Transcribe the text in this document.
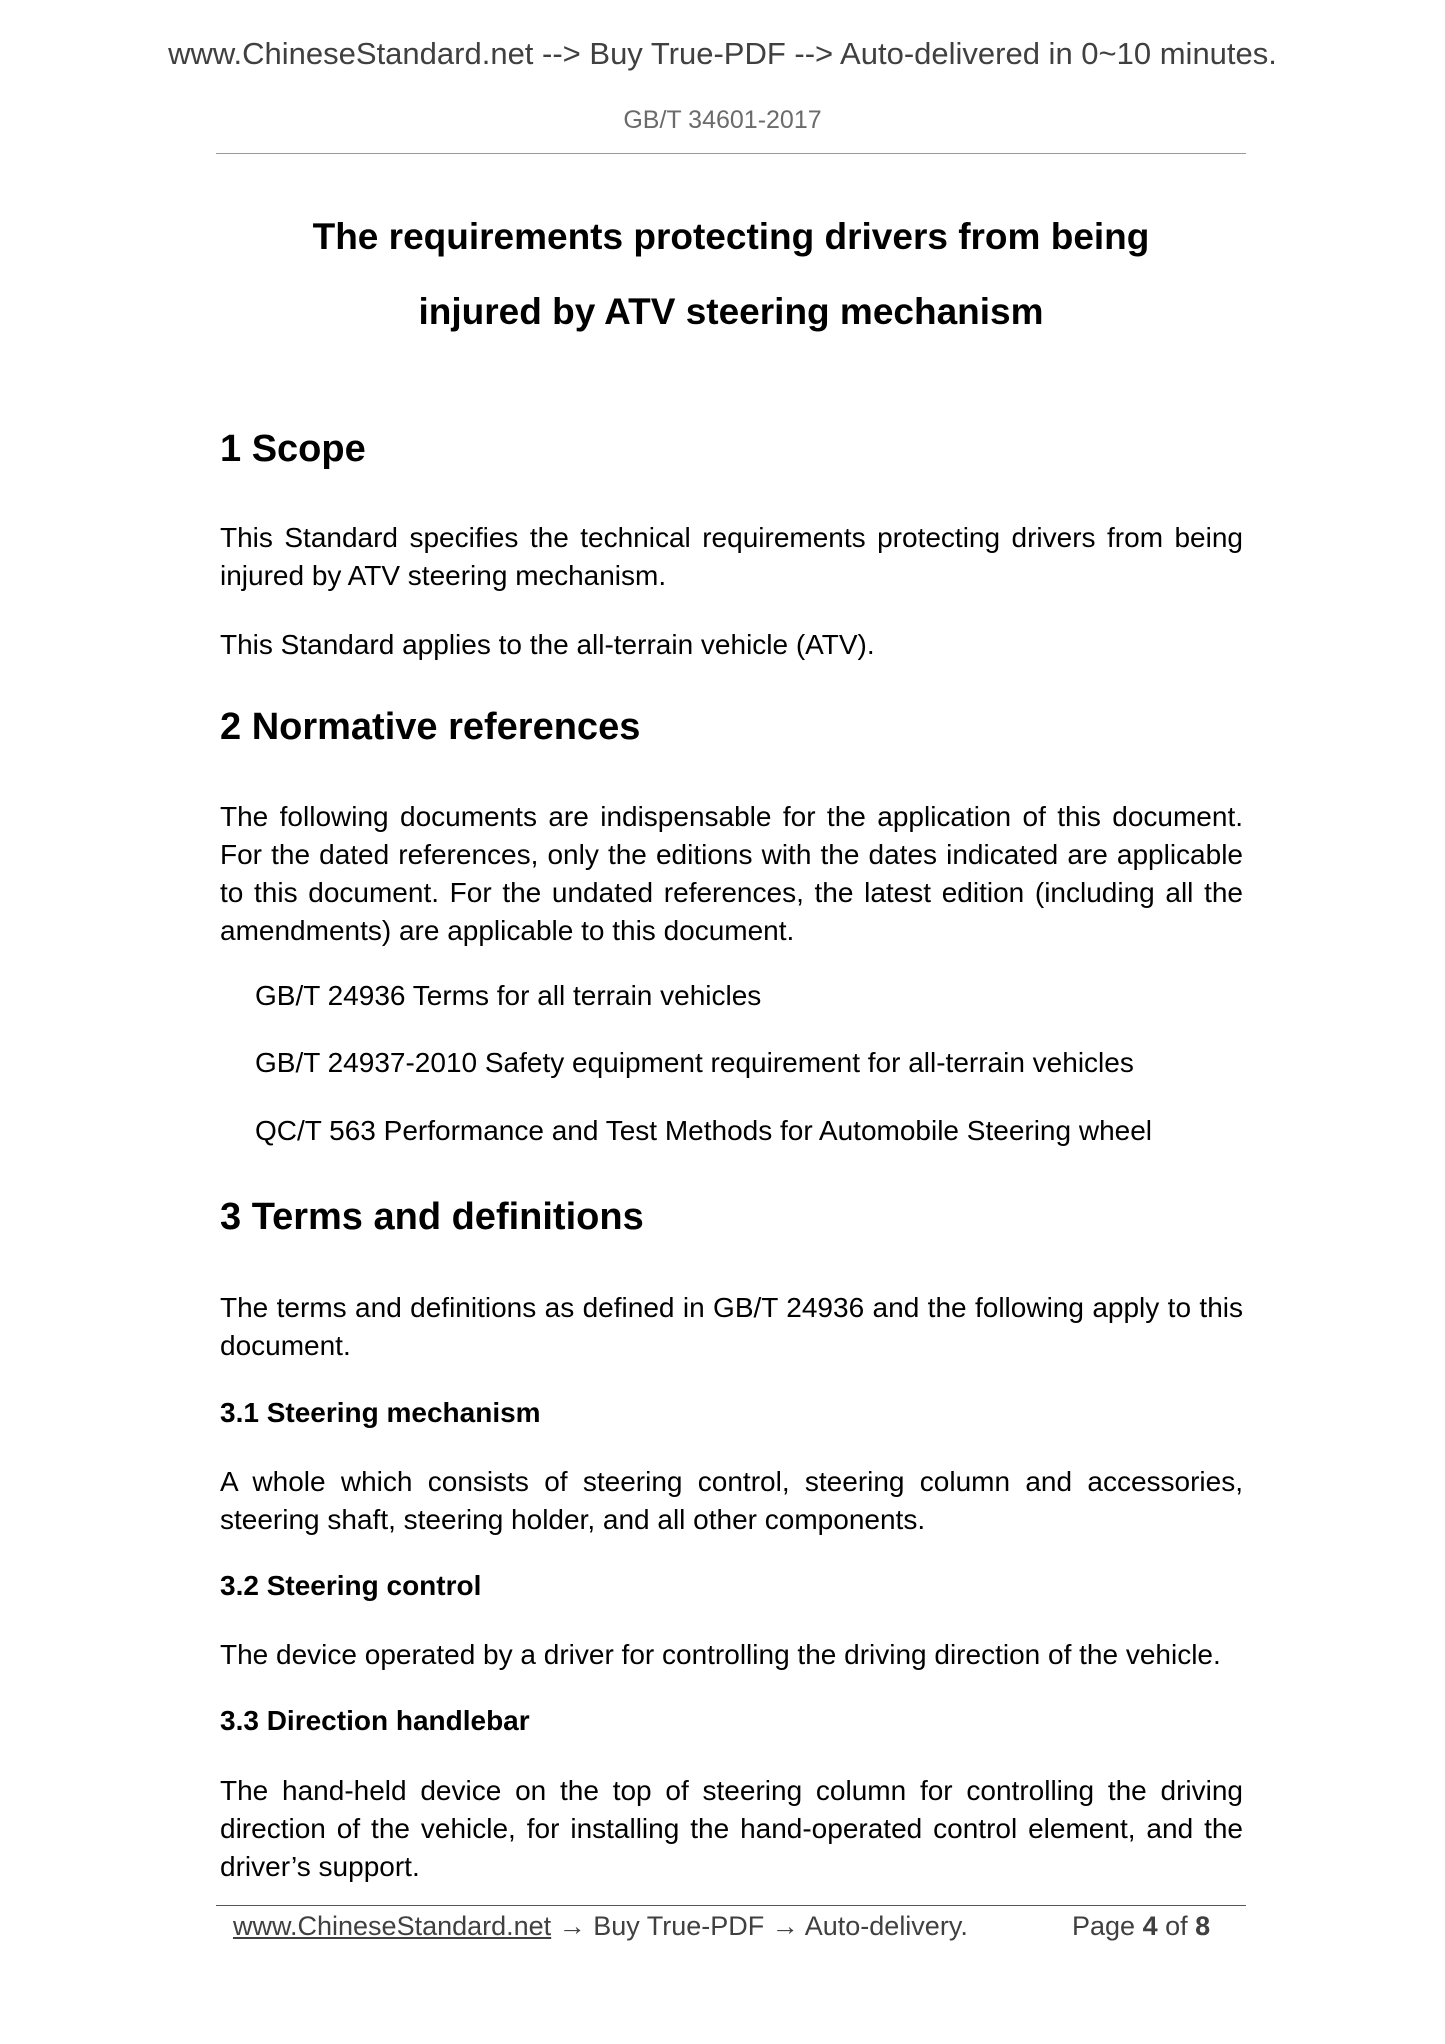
www.ChineseStandard.net --> Buy True-PDF --> Auto-delivered in 0~10 minutes.
GB/T 34601-2017
The requirements protecting drivers from being
injured by ATV steering mechanism
1 Scope
This Standard specifies the technical requirements protecting drivers from being injured by ATV steering mechanism.
This Standard applies to the all-terrain vehicle (ATV).
2 Normative references
The following documents are indispensable for the application of this document. For the dated references, only the editions with the dates indicated are applicable to this document. For the undated references, the latest edition (including all the amendments) are applicable to this document.
GB/T 24936 Terms for all terrain vehicles
GB/T 24937-2010 Safety equipment requirement for all-terrain vehicles
QC/T 563 Performance and Test Methods for Automobile Steering wheel
3 Terms and definitions
The terms and definitions as defined in GB/T 24936 and the following apply to this document.
3.1 Steering mechanism
A whole which consists of steering control, steering column and accessories, steering shaft, steering holder, and all other components.
3.2 Steering control
The device operated by a driver for controlling the driving direction of the vehicle.
3.3 Direction handlebar
The hand-held device on the top of steering column for controlling the driving direction of the vehicle, for installing the hand-operated control element, and the driver’s support.
www.ChineseStandard.net → Buy True-PDF → Auto-delivery.	Page 4 of 8
